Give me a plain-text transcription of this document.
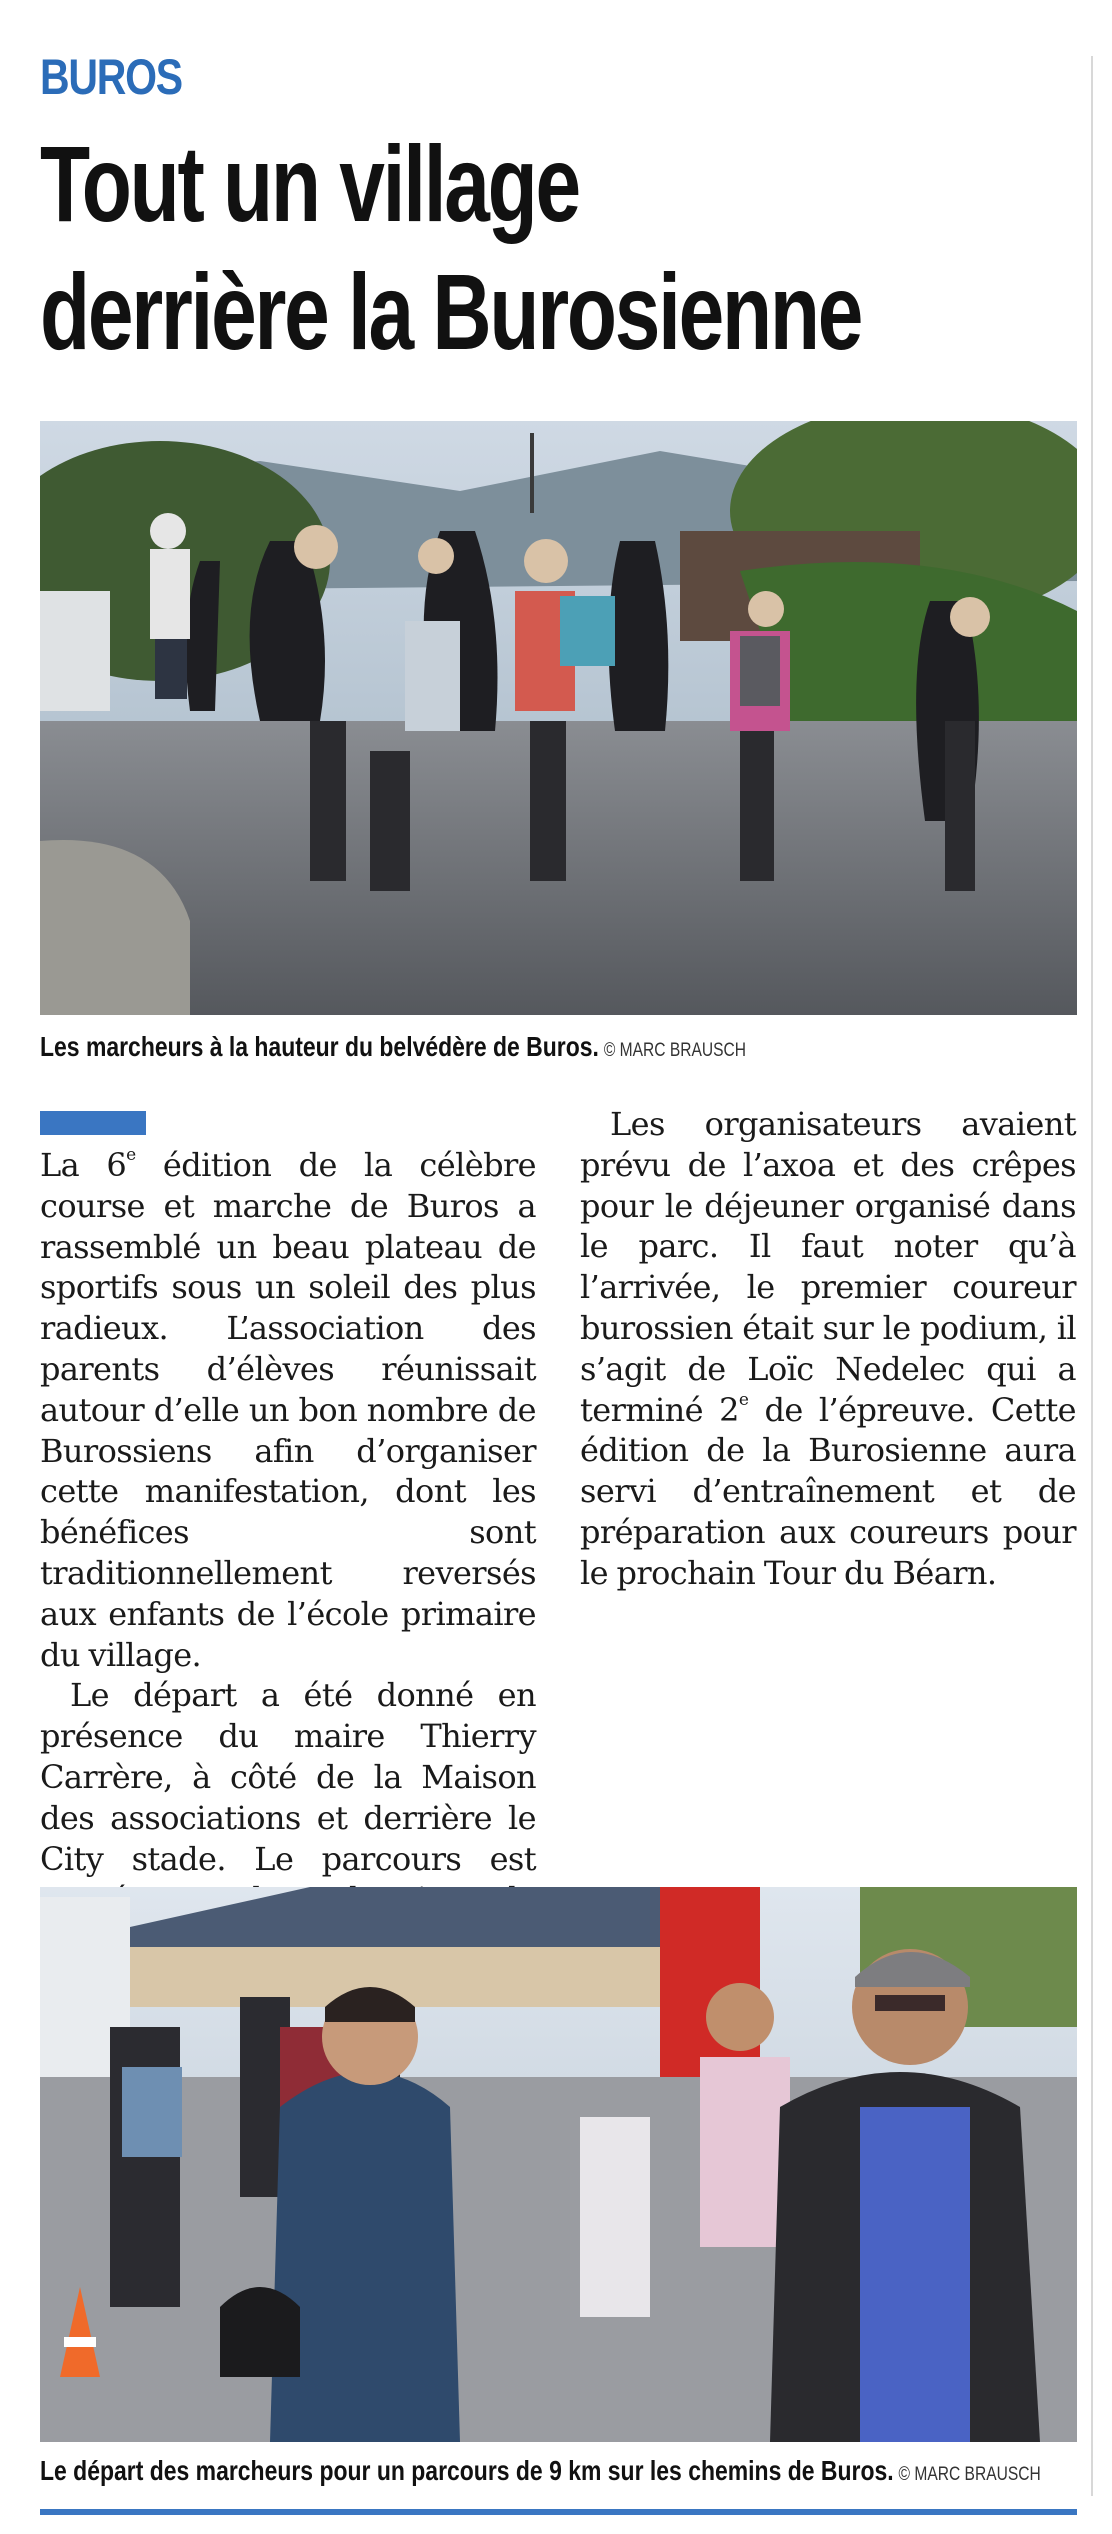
BUROS
Tout un village
derrière la Burosienne
Les marcheurs à la hauteur du belvédère de Buros. © MARC BRAUSCH

La 6e édition de la célèbre course et marche de Buros a rassemblé un beau plateau de sportifs sous un soleil des plus radieux. L’association des parents d’élèves réunissait autour d’elle un bon nombre de Burossiens afin d’organiser cette manifestation, dont les bénéfices sont traditionnellement reversés aux enfants de l’école primaire du village.

Le départ a été donné en présence du maire Thierry Carrère, à côté de la Maison des associations et derrière le City stade. Le parcours est

Les organisateurs avaient prévu de l’axoa et des crêpes pour le déjeuner organisé dans le parc. Il faut noter qu’à l’arrivée, le premier coureur burossien était sur le podium, il s’agit de Loïc Nedelec qui a terminé 2e de l’épreuve. Cette édition de la Burosienne aura servi d’entraînement et de préparation aux coureurs pour le prochain Tour du Béarn.

Le départ des marcheurs pour un parcours de 9 km sur les chemins de Buros. © MARC BRAUSCH
